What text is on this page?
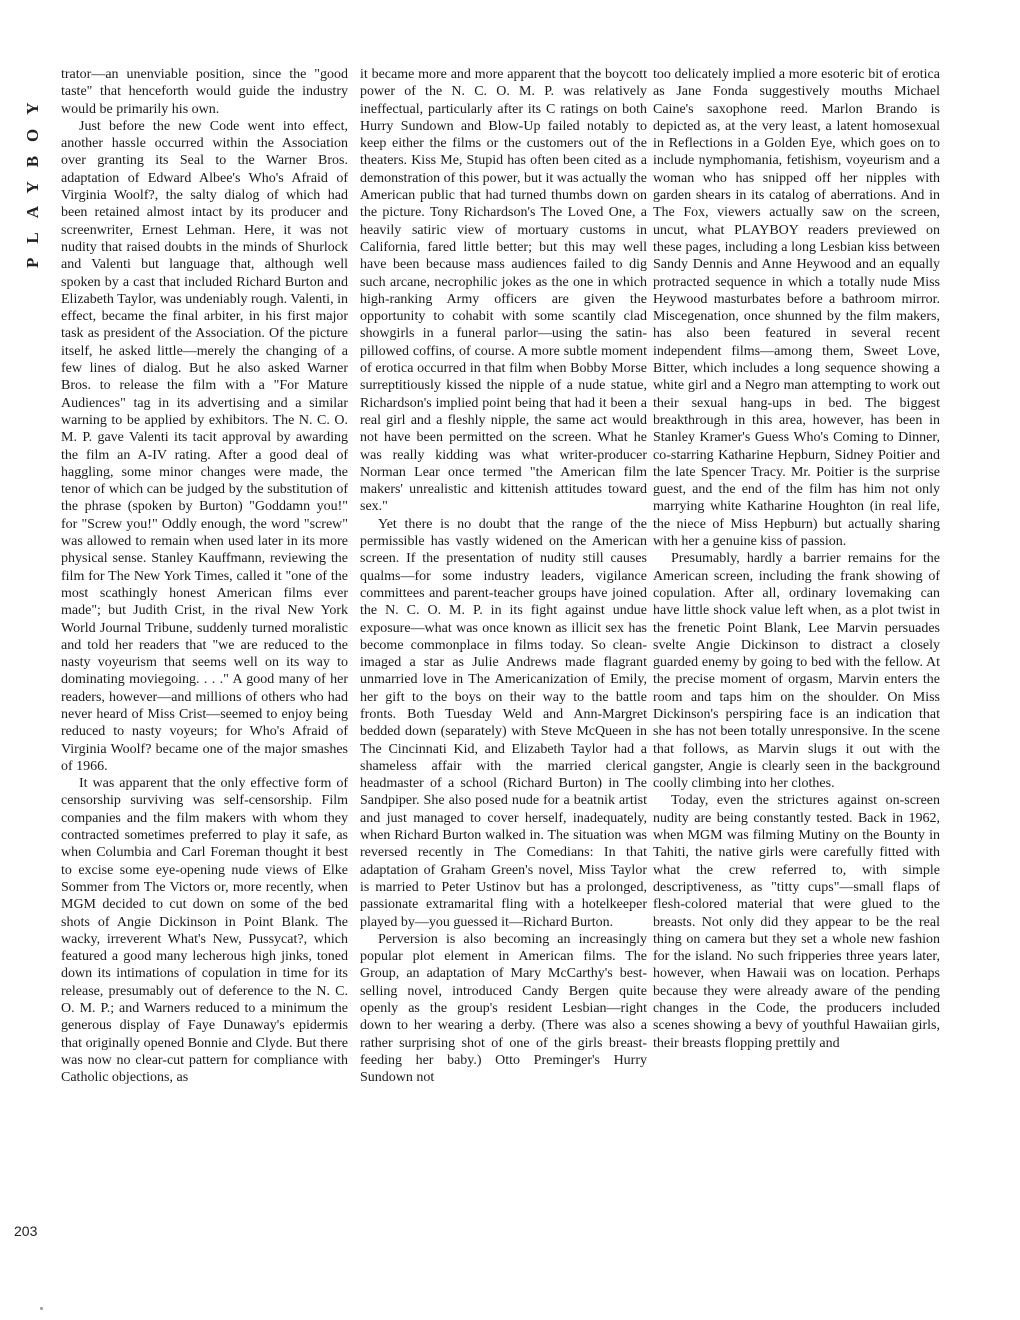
PLAYBOY

trator—an unenviable position, since the "good taste" that henceforth would guide the industry would be primarily his own.

Just before the new Code went into effect, another hassle occurred within the Association over granting its Seal to the Warner Bros. adaptation of Edward Albee's Who's Afraid of Virginia Woolf?, the salty dialog of which had been retained almost intact by its producer and screenwriter, Ernest Lehman. Here, it was not nudity that raised doubts in the minds of Shurlock and Valenti but language that, although well spoken by a cast that included Richard Burton and Elizabeth Taylor, was undeniably rough. Valenti, in effect, became the final arbiter, in his first major task as president of the Association. Of the picture itself, he asked little—merely the changing of a few lines of dialog. But he also asked Warner Bros. to release the film with a "For Mature Audiences" tag in its advertising and a similar warning to be applied by exhibitors. The N. C. O. M. P. gave Valenti its tacit approval by awarding the film an A-IV rating. After a good deal of haggling, some minor changes were made, the tenor of which can be judged by the substitution of the phrase (spoken by Burton) "Goddamn you!" for "Screw you!" Oddly enough, the word "screw" was allowed to remain when used later in its more physical sense. Stanley Kauffmann, reviewing the film for The New York Times, called it "one of the most scathingly honest American films ever made"; but Judith Crist, in the rival New York World Journal Tribune, suddenly turned moralistic and told her readers that "we are reduced to the nasty voyeurism that seems well on its way to dominating moviegoing. . . ." A good many of her readers, however—and millions of others who had never heard of Miss Crist—seemed to enjoy being reduced to nasty voyeurs; for Who's Afraid of Virginia Woolf? became one of the major smashes of 1966.

It was apparent that the only effective form of censorship surviving was self-censorship. Film companies and the film makers with whom they contracted sometimes preferred to play it safe, as when Columbia and Carl Foreman thought it best to excise some eye-opening nude views of Elke Sommer from The Victors or, more recently, when MGM decided to cut down on some of the bed shots of Angie Dickinson in Point Blank. The wacky, irreverent What's New, Pussycat?, which featured a good many lecherous high jinks, toned down its intimations of copulation in time for its release, presumably out of deference to the N. C. O. M. P.; and Warners reduced to a minimum the generous display of Faye Dunaway's epidermis that originally opened Bonnie and Clyde. But there was now no clear-cut pattern for compliance with Catholic objections, as

it became more and more apparent that the boycott power of the N. C. O. M. P. was relatively ineffectual, particularly after its C ratings on both Hurry Sundown and Blow-Up failed notably to keep either the films or the customers out of the theaters. Kiss Me, Stupid has often been cited as a demonstration of this power, but it was actually the American public that had turned thumbs down on the picture. Tony Richardson's The Loved One, a heavily satiric view of mortuary customs in California, fared little better; but this may well have been because mass audiences failed to dig such arcane, necrophilic jokes as the one in which high-ranking Army officers are given the opportunity to cohabit with some scantily clad showgirls in a funeral parlor—using the satin-pillowed coffins, of course. A more subtle moment of erotica occurred in that film when Bobby Morse surreptitiously kissed the nipple of a nude statue, Richardson's implied point being that had it been a real girl and a fleshly nipple, the same act would not have been permitted on the screen. What he was really kidding was what writer-producer Norman Lear once termed "the American film makers' unrealistic and kittenish attitudes toward sex."

Yet there is no doubt that the range of the permissible has vastly widened on the American screen. If the presentation of nudity still causes qualms—for some industry leaders, vigilance committees and parent-teacher groups have joined the N. C. O. M. P. in its fight against undue exposure—what was once known as illicit sex has become commonplace in films today. So clean-imaged a star as Julie Andrews made flagrant unmarried love in The Americanization of Emily, her gift to the boys on their way to the battle fronts. Both Tuesday Weld and Ann-Margret bedded down (separately) with Steve McQueen in The Cincinnati Kid, and Elizabeth Taylor had a shameless affair with the married clerical headmaster of a school (Richard Burton) in The Sandpiper. She also posed nude for a beatnik artist and just managed to cover herself, inadequately, when Richard Burton walked in. The situation was reversed recently in The Comedians: In that adaptation of Graham Green's novel, Miss Taylor is married to Peter Ustinov but has a prolonged, passionate extramarital fling with a hotelkeeper played by—you guessed it—Richard Burton.

Perversion is also becoming an increasingly popular plot element in American films. The Group, an adaptation of Mary McCarthy's best-selling novel, introduced Candy Bergen quite openly as the group's resident Lesbian—right down to her wearing a derby. (There was also a rather surprising shot of one of the girls breast-feeding her baby.) Otto Preminger's Hurry Sundown not

too delicately implied a more esoteric bit of erotica as Jane Fonda suggestively mouths Michael Caine's saxophone reed. Marlon Brando is depicted as, at the very least, a latent homosexual in Reflections in a Golden Eye, which goes on to include nymphomania, fetishism, voyeurism and a woman who has snipped off her nipples with garden shears in its catalog of aberrations. And in The Fox, viewers actually saw on the screen, uncut, what PLAYBOY readers previewed on these pages, including a long Lesbian kiss between Sandy Dennis and Anne Heywood and an equally protracted sequence in which a totally nude Miss Heywood masturbates before a bathroom mirror. Miscegenation, once shunned by the film makers, has also been featured in several recent independent films—among them, Sweet Love, Bitter, which includes a long sequence showing a white girl and a Negro man attempting to work out their sexual hang-ups in bed. The biggest breakthrough in this area, however, has been in Stanley Kramer's Guess Who's Coming to Dinner, co-starring Katharine Hepburn, Sidney Poitier and the late Spencer Tracy. Mr. Poitier is the surprise guest, and the end of the film has him not only marrying white Katharine Houghton (in real life, the niece of Miss Hepburn) but actually sharing with her a genuine kiss of passion.

Presumably, hardly a barrier remains for the American screen, including the frank showing of copulation. After all, ordinary lovemaking can have little shock value left when, as a plot twist in the frenetic Point Blank, Lee Marvin persuades svelte Angie Dickinson to distract a closely guarded enemy by going to bed with the fellow. At the precise moment of orgasm, Marvin enters the room and taps him on the shoulder. On Miss Dickinson's perspiring face is an indication that she has not been totally unresponsive. In the scene that follows, as Marvin slugs it out with the gangster, Angie is clearly seen in the background coolly climbing into her clothes.

Today, even the strictures against on-screen nudity are being constantly tested. Back in 1962, when MGM was filming Mutiny on the Bounty in Tahiti, the native girls were carefully fitted with what the crew referred to, with simple descriptiveness, as "titty cups"—small flaps of flesh-colored material that were glued to the breasts. Not only did they appear to be the real thing on camera but they set a whole new fashion for the island. No such fripperies three years later, however, when Hawaii was on location. Perhaps because they were already aware of the pending changes in the Code, the producers included scenes showing a bevy of youthful Hawaiian girls, their breasts flopping prettily and

203
